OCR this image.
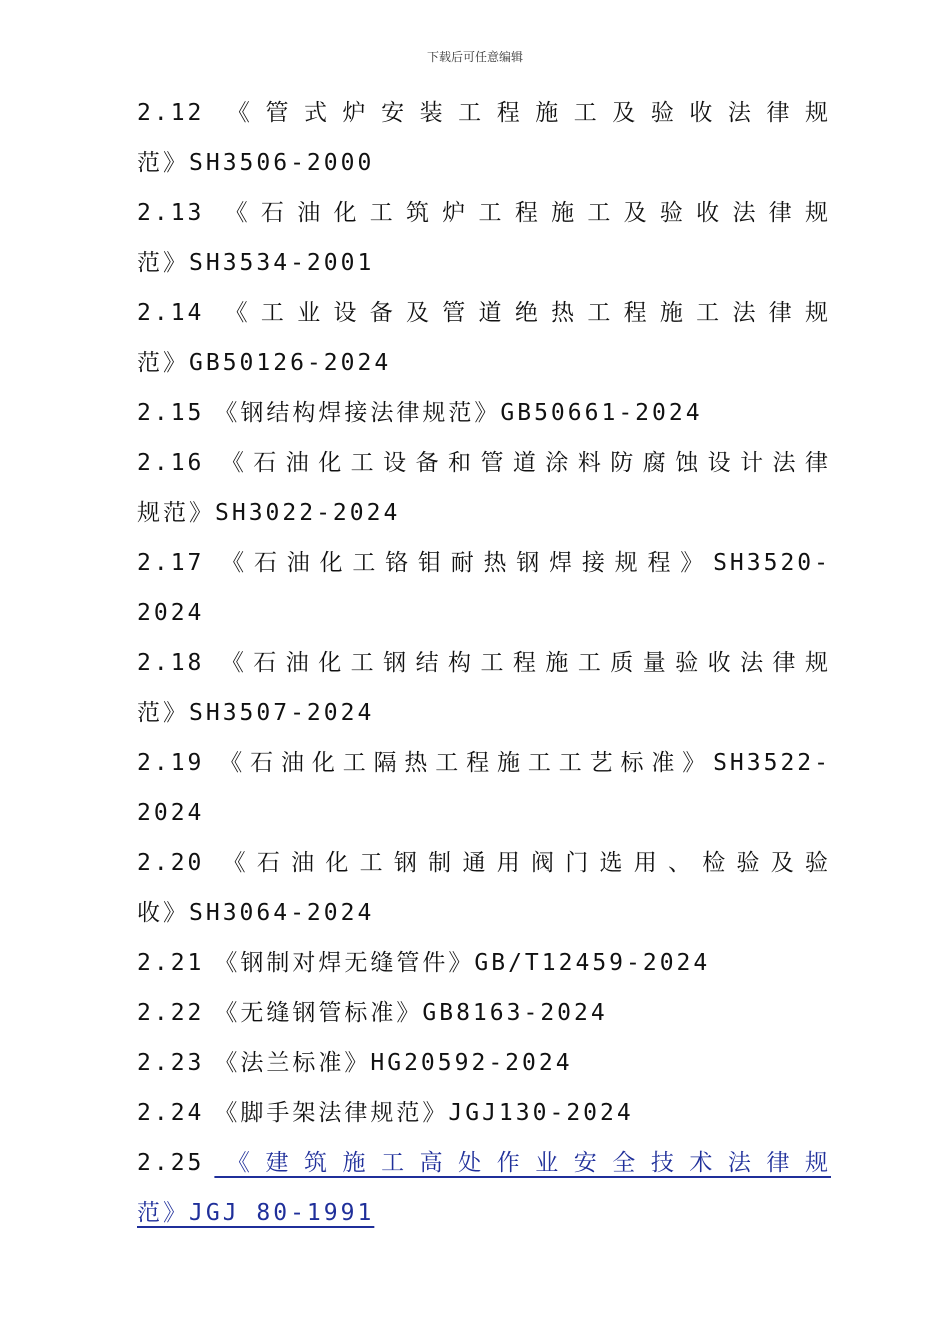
下载后可任意编辑

2.12 《管式炉安装工程施工及验收法律规

范》SH3506-2000

2.13 《石油化工筑炉工程施工及验收法律规

范》SH3534-2001

2.14 《工业设备及管道绝热工程施工法律规

范》GB50126-2024

2.15 《钢结构焊接法律规范》GB50661-2024

2.16 《石油化工设备和管道涂料防腐蚀设计法律

规范》SH3022-2024

2.17 《石油化工铬钼耐热钢焊接规程》SH3520-

2024

2.18 《石油化工钢结构工程施工质量验收法律规

范》SH3507-2024

2.19 《石油化工隔热工程施工工艺标准》SH3522-

2024

2.20 《石油化工钢制通用阀门选用、检验及验

收》SH3064-2024

2.21 《钢制对焊无缝管件》GB/T12459-2024

2.22 《无缝钢管标准》GB8163-2024

2.23 《法兰标准》HG20592-2024

2.24 《脚手架法律规范》JGJ130-2024

2.25 《建筑施工高处作业安全技术法律规

范》JGJ 80-1991
